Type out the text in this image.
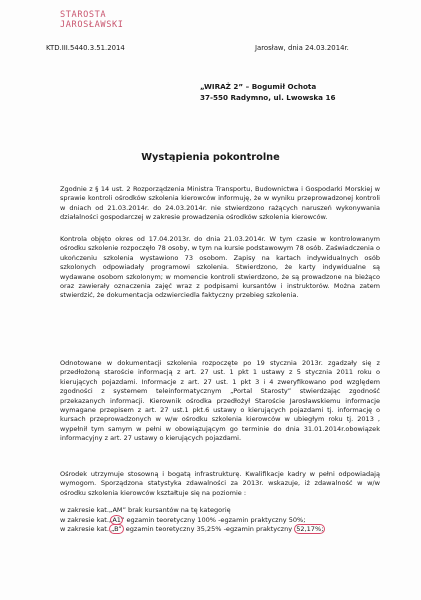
STAROSTA
JAROSŁAWSKI
KTD.III.5440.3.51.2014	Jarosław, dnia 24.03.2014r.
„WIRAŻ 2” – Bogumił Ochota
37-550 Radymno, ul. Lwowska 16
Wystąpienia pokontrolne

Zgodnie z § 14 ust. 2 Rozporządzenia Ministra Transportu, Budownictwa i Gospodarki Morskiej w sprawie kontroli ośrodków szkolenia kierowców informuję, że w wyniku przeprowadzonej kontroli w dniach od 21.03.2014r. do 24.03.2014r. nie stwierdzono rażących naruszeń wykonywania działalności gospodarczej w zakresie prowadzenia ośrodków szkolenia kierowców.

Kontrola objęto okres od 17.04.2013r. do dnia 21.03.2014r. W tym czasie w kontrolowanym ośrodku szkolenie rozpoczęło 78 osoby, w tym na kursie podstawowym 78 osób. Zaświadczenia o ukończeniu szkolenia wystawiono 73 osobom. Zapisy na kartach indywidualnych osób szkolonych odpowiadały programowi szkolenia. Stwierdzono, że karty indywidualne są wydawane osobom szkolonym; w momencie kontroli stwierdzono, że są prowadzone na bieżąco oraz zawierały oznaczenia zajęć wraz z podpisami kursantów i instruktorów. Można zatem stwierdzić, że dokumentacja odzwierciedla faktyczny przebieg szkolenia.

Odnotowane w dokumentacji szkolenia rozpoczęte po 19 stycznia 2013r. zgadzały się z przedłożoną staroście informacją z art. 27 ust. 1 pkt 1 ustawy z 5 stycznia 2011 roku o kierujących pojazdami. Informacje z art. 27 ust. 1 pkt 3 i 4 zweryfikowano pod względem zgodności z systemem teleinformatycznym „Portal Starosty” stwierdzając zgodność przekazanych informacji. Kierownik ośrodka przedłożył Staroście Jarosławskiemu informacje wymagane przepisem z art. 27 ust.1 pkt.6 ustawy o kierujących pojazdami tj. informację o kursach przeprowadzonych w w/w ośrodku szkolenia kierowców w ubiegłym roku tj. 2013 , wypełnił tym samym w pełni w obowiązującym go terminie do dnia 31.01.2014r.obowiązek informacyjny z art. 27 ustawy o kierujących pojazdami.

Ośrodek utrzymuje stosowną i bogatą infrastrukturę. Kwalifikacje kadry w pełni odpowiadają wymogom. Sporządzona statystyka zdawalności za 2013r. wskazuje, iż zdawalność w w/w ośrodku szkolenia kierowców kształtuje się na poziomie :

w zakresie kat.„AM” brak kursantów na tę kategorię
w zakresie kat.„A1” egzamin teoretyczny 100% -egzamin praktyczny 50%;
w zakresie kat. „B” egzamin teoretyczny 35,25% -egzamin praktyczny 52,17%;
